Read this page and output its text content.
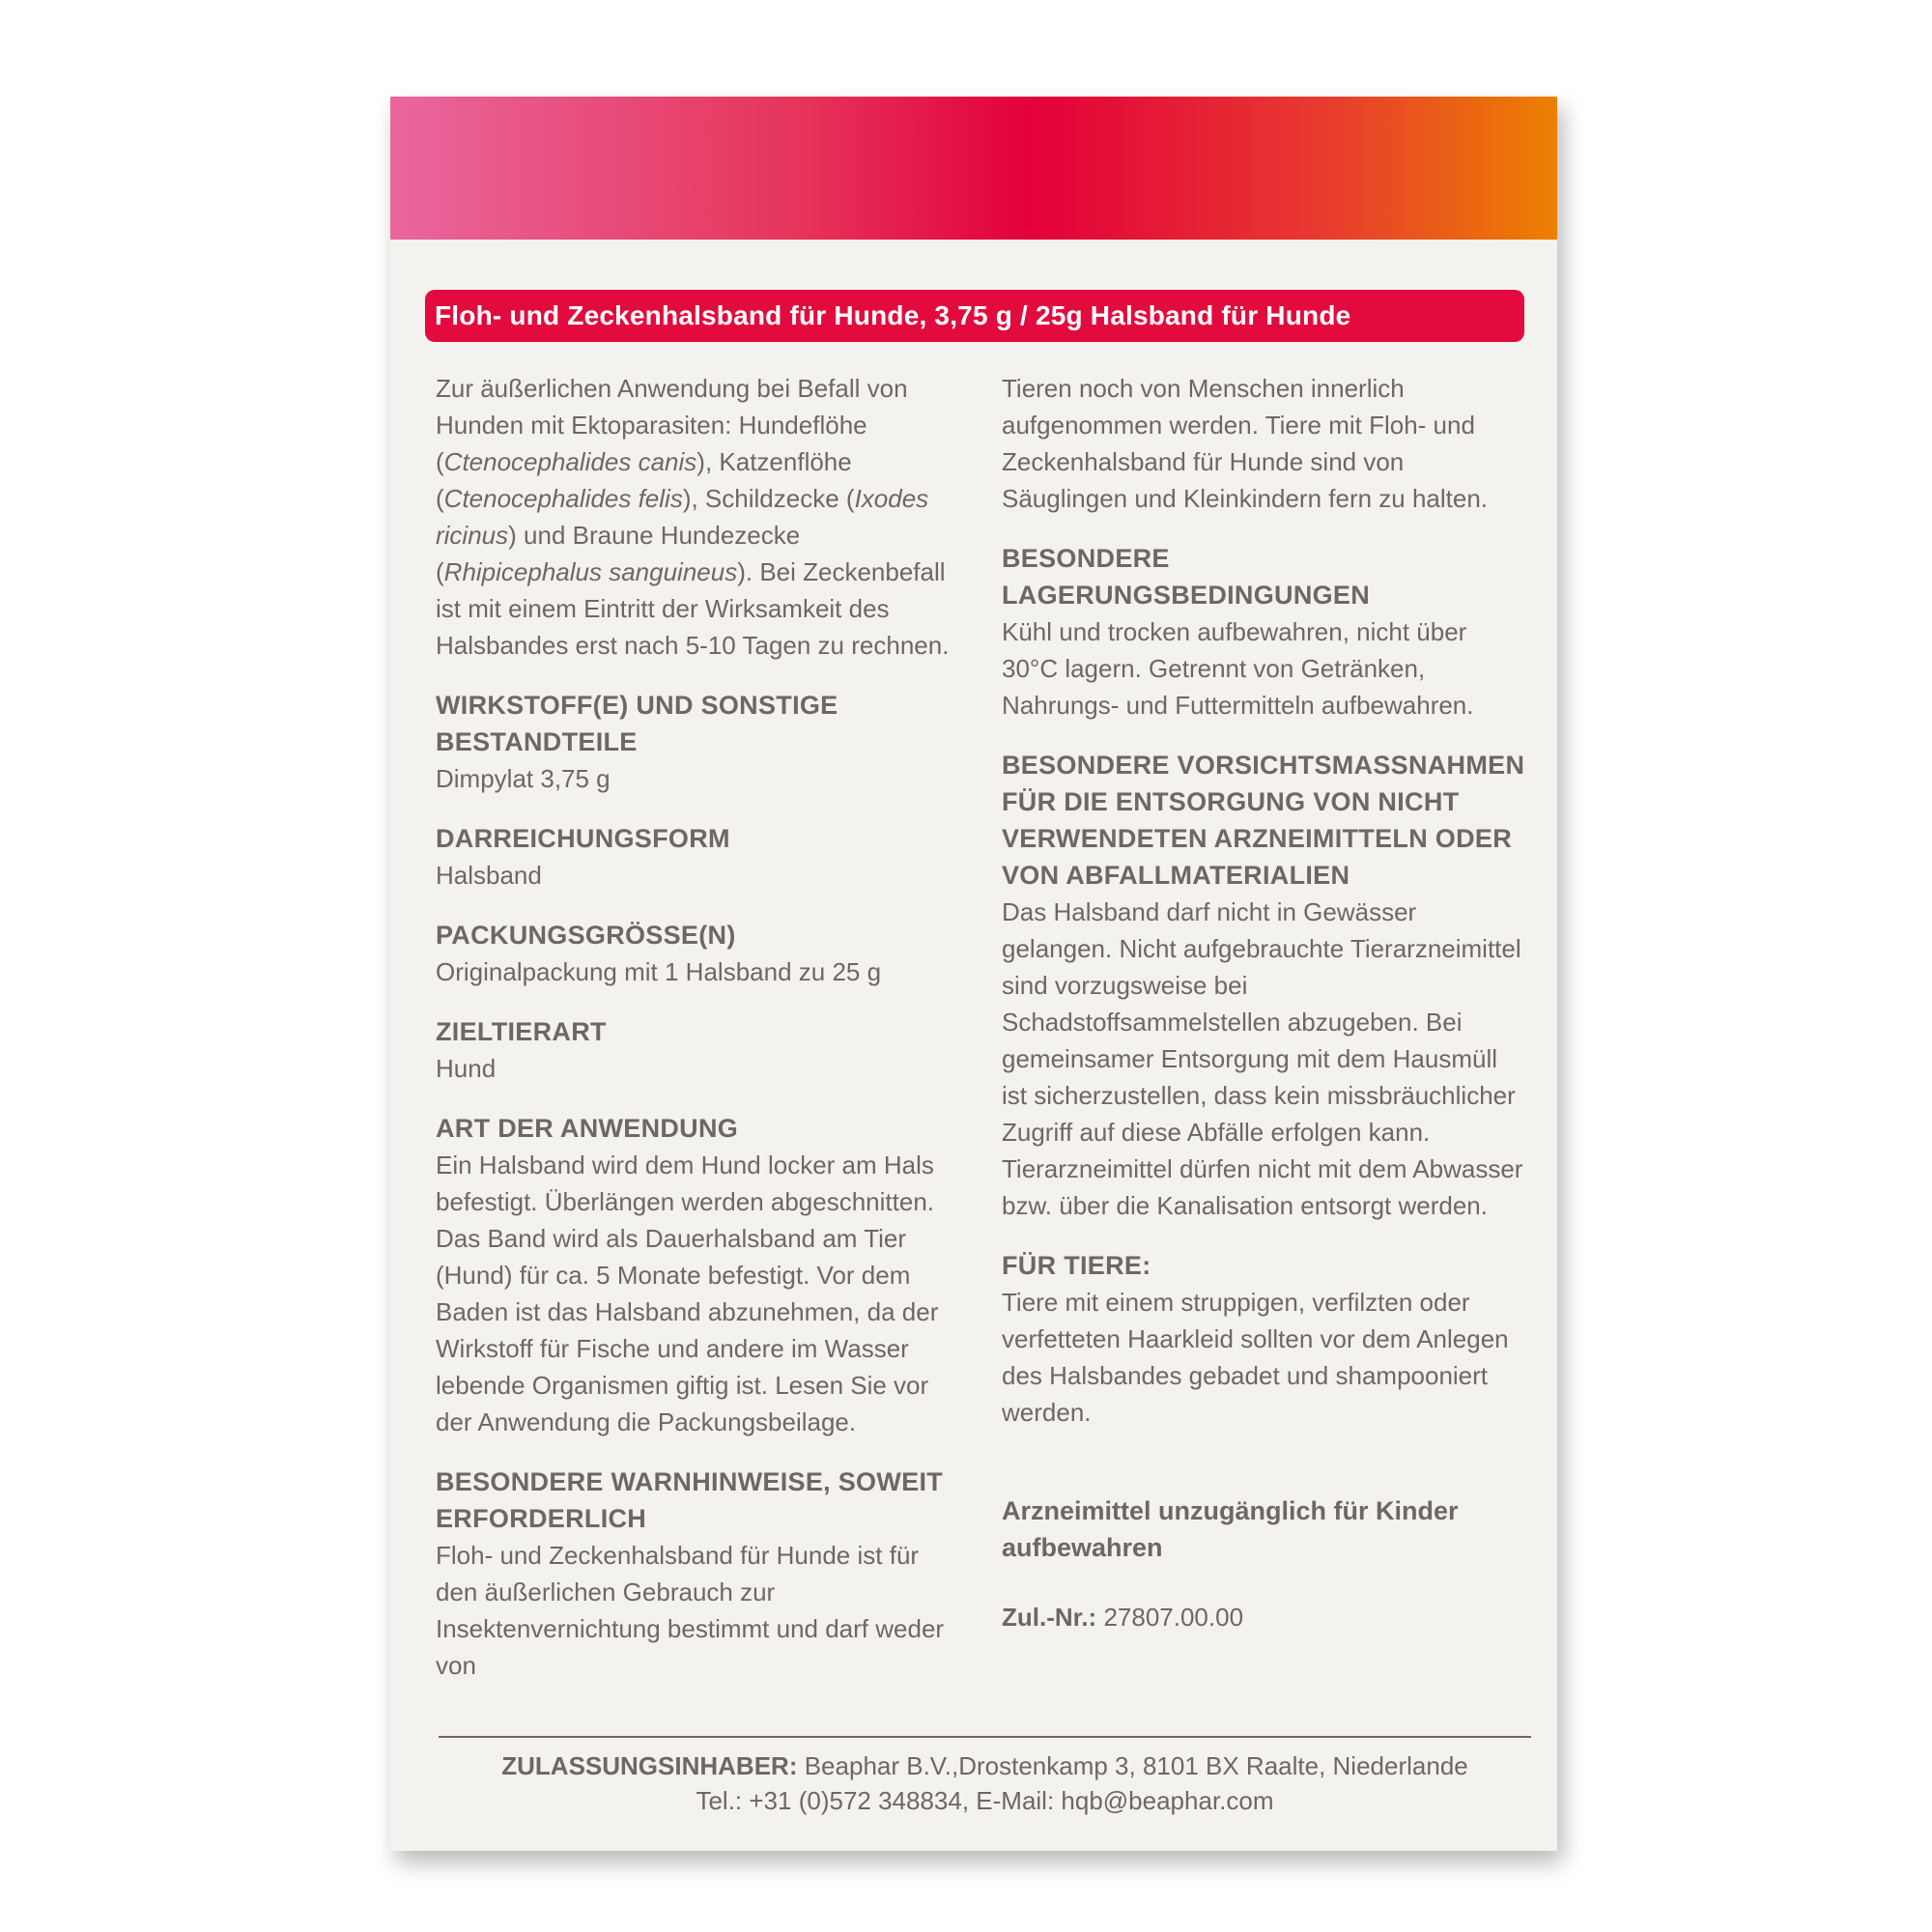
Floh- und Zeckenhalsband für Hunde, 3,75 g / 25g Halsband für Hunde

Zur äußerlichen Anwendung bei Befall von Hunden mit Ektoparasiten: Hundeflöhe (Ctenocephalides canis), Katzenflöhe (Ctenocephalides felis), Schildzecke (Ixodes ricinus) und Braune Hundezecke (Rhipicephalus sanguineus). Bei Zeckenbefall ist mit einem Eintritt der Wirksamkeit des Halsbandes erst nach 5-10 Tagen zu rechnen.

WIRKSTOFF(E) UND SONSTIGE BESTANDTEILE

Dimpylat 3,75 g

DARREICHUNGSFORM

Halsband

PACKUNGSGRÖSSE(N)

Originalpackung mit 1 Halsband zu 25 g

ZIELTIERART

Hund

ART DER ANWENDUNG

Ein Halsband wird dem Hund locker am Hals befestigt. Überlängen werden abgeschnitten. Das Band wird als Dauerhalsband am Tier (Hund) für ca. 5 Monate befestigt. Vor dem Baden ist das Halsband abzunehmen, da der Wirkstoff für Fische und andere im Wasser lebende Organismen giftig ist. Lesen Sie vor der Anwendung die Packungsbeilage.

BESONDERE WARNHINWEISE, SOWEIT ERFORDERLICH

Floh- und Zeckenhalsband für Hunde ist für den äußerlichen Gebrauch zur Insektenvernichtung bestimmt und darf weder von

Tieren noch von Menschen innerlich aufgenommen werden. Tiere mit Floh- und Zeckenhalsband für Hunde sind von Säuglingen und Kleinkindern fern zu halten.

BESONDERE LAGERUNGSBEDINGUNGEN

Kühl und trocken aufbewahren, nicht über 30°C lagern. Getrennt von Getränken, Nahrungs- und Futtermitteln aufbewahren.

BESONDERE VORSICHTSMASSNAHMEN FÜR DIE ENTSORGUNG VON NICHT VERWENDETEN ARZNEIMITTELN ODER VON ABFALLMATERIALIEN

Das Halsband darf nicht in Gewässer gelangen. Nicht aufgebrauchte Tierarzneimittel sind vorzugsweise bei Schadstoffsammelstellen abzugeben. Bei gemeinsamer Entsorgung mit dem Hausmüll ist sicherzustellen, dass kein missbräuchlicher Zugriff auf diese Abfälle erfolgen kann. Tierarzneimittel dürfen nicht mit dem Abwasser bzw. über die Kanalisation entsorgt werden.

FÜR TIERE:

Tiere mit einem struppigen, verfilzten oder verfetteten Haarkleid sollten vor dem Anlegen des Halsbandes gebadet und shampooniert werden.

Arzneimittel unzugänglich für Kinder aufbewahren

Zul.-Nr.: 27807.00.00

ZULASSUNGSINHABER: Beaphar B.V.,Drostenkamp 3, 8101 BX Raalte, Niederlande
Tel.: +31 (0)572 348834, E-Mail: hqb@beaphar.com
